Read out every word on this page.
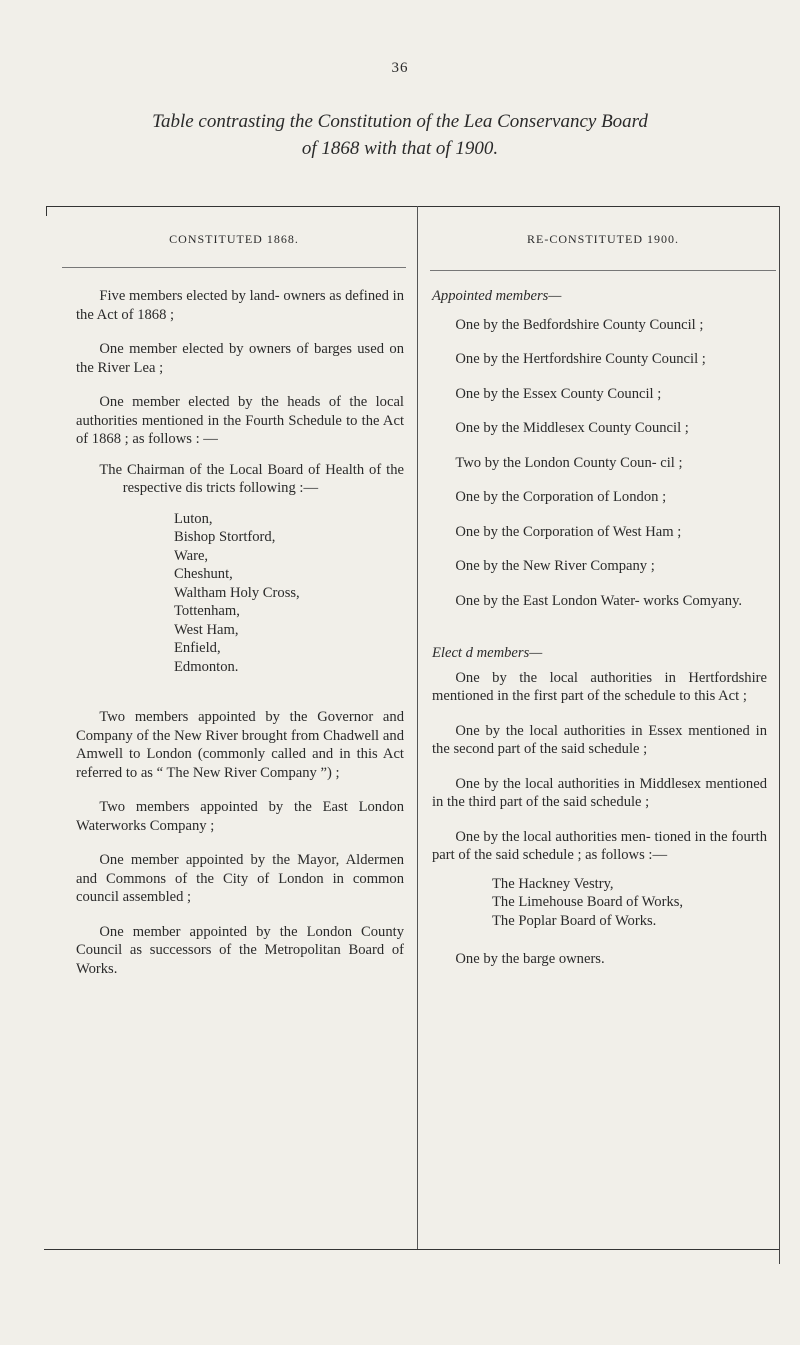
36
Table contrasting the Constitution of the Lea Conservancy Board
of 1868 with that of 1900.
CONSTITUTED 1868.	RE-CONSTITUTED 1900.

Five members elected by land- owners as defined in the Act of 1868 ;

One member elected by owners of barges used on the River Lea ;

One member elected by the heads of the local authorities mentioned in the Fourth Schedule to the Act of 1868 ; as follows : —

The Chairman of the Local Board of Health of the respective dis tricts following :—

Luton,
Bishop Stortford,
Ware,
Cheshunt,
Waltham Holy Cross,
Tottenham,
West Ham,
Enfield,
Edmonton.

Two members appointed by the Governor and Company of the New River brought from Chadwell and Amwell to London (commonly called and in this Act referred to as “ The New River Company ”) ;

Two members appointed by the East London Waterworks Company ;

One member appointed by the Mayor, Aldermen and Commons of the City of London in common council assembled ;

One member appointed by the London County Council as successors of the Metropolitan Board of Works.

Appointed members—

One by the Bedfordshire County Council ;

One by the Hertfordshire County Council ;

One by the Essex County Council ;

One by the Middlesex County Council ;

Two by the London County Coun- cil ;

One by the Corporation of London ;

One by the Corporation of West Ham ;

One by the New River Company ;

One by the East London Water- works Comyany.

Elect d members—

One by the local authorities in Hertfordshire mentioned in the first part of the schedule to this Act ;

One by the local authorities in Essex mentioned in the second part of the said schedule ;

One by the local authorities in Middlesex mentioned in the third part of the said schedule ;

One by the local authorities men- tioned in the fourth part of the said schedule ; as follows :—

The Hackney Vestry,
The Limehouse Board of Works,
The Poplar Board of Works.

One by the barge owners.
